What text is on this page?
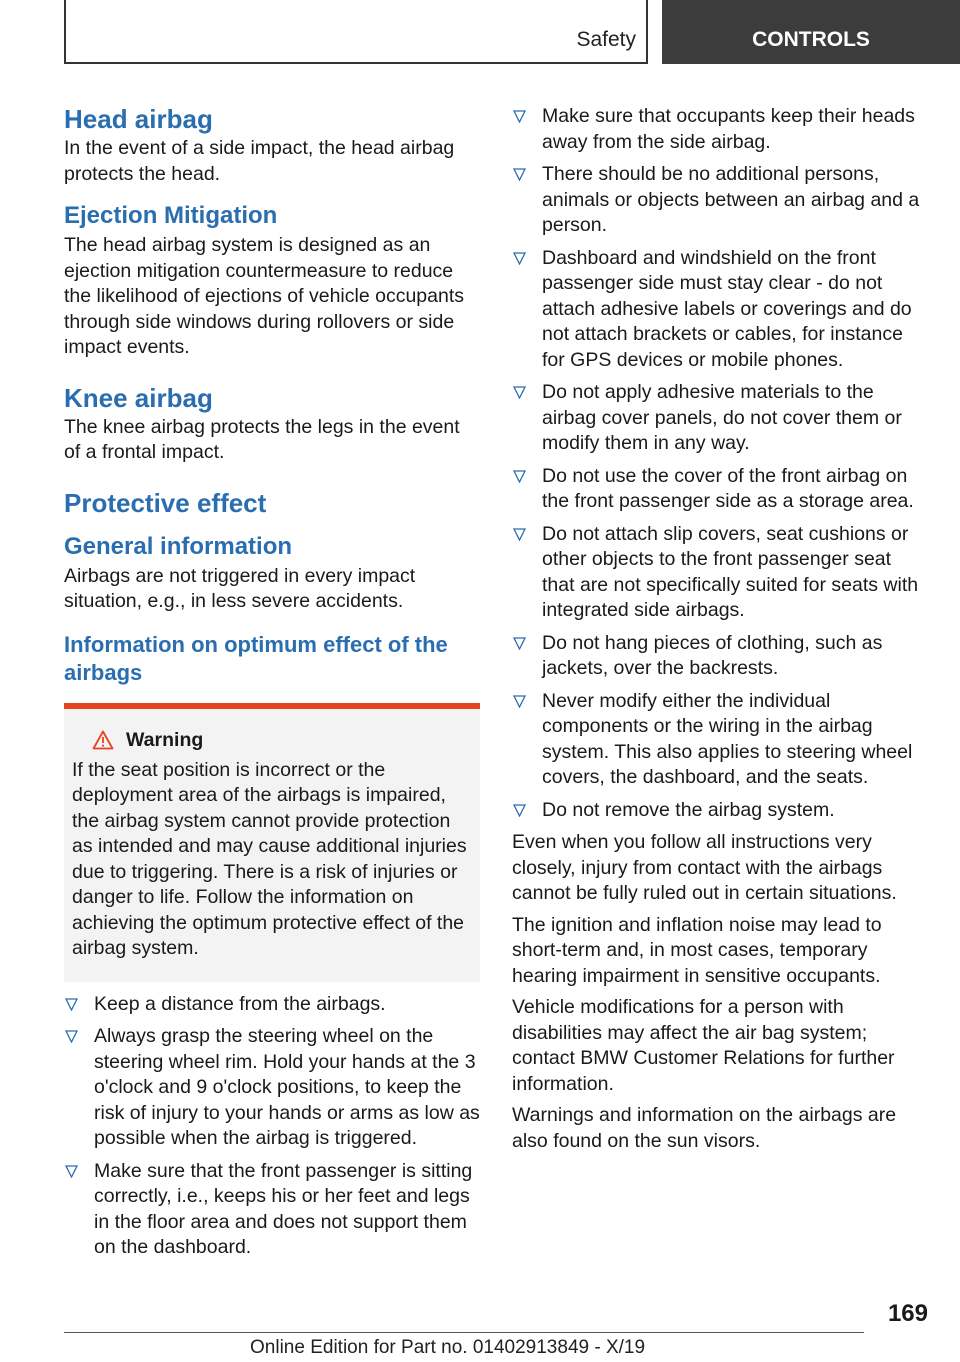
Safety	CONTROLS
Head airbag

In the event of a side impact, the head airbag protects the head.

Ejection Mitigation

The head airbag system is designed as an ejection mitigation countermeasure to reduce the likelihood of ejections of vehicle occupants through side windows during rollovers or side impact events.

Knee airbag

The knee airbag protects the legs in the event of a frontal impact.

Protective effect
General information

Airbags are not triggered in every impact situation, e.g., in less severe accidents.

Information on optimum effect of the airbags
Warning

If the seat position is incorrect or the deployment area of the airbags is impaired, the airbag system cannot provide protection as intended and may cause additional injuries due to triggering. There is a risk of injuries or danger to life. Follow the information on achieving the optimum protective effect of the airbag system.

Keep a distance from the airbags.
Always grasp the steering wheel on the steering wheel rim. Hold your hands at the 3 o'clock and 9 o'clock positions, to keep the risk of injury to your hands or arms as low as possible when the airbag is triggered.
Make sure that the front passenger is sitting correctly, i.e., keeps his or her feet and legs in the floor area and does not support them on the dashboard.
Make sure that occupants keep their heads away from the side airbag.
There should be no additional persons, animals or objects between an airbag and a person.
Dashboard and windshield on the front passenger side must stay clear - do not attach adhesive labels or coverings and do not attach brackets or cables, for instance for GPS devices or mobile phones.
Do not apply adhesive materials to the airbag cover panels, do not cover them or modify them in any way.
Do not use the cover of the front airbag on the front passenger side as a storage area.
Do not attach slip covers, seat cushions or other objects to the front passenger seat that are not specifically suited for seats with integrated side airbags.
Do not hang pieces of clothing, such as jackets, over the backrests.
Never modify either the individual components or the wiring in the airbag system. This also applies to steering wheel covers, the dashboard, and the seats.
Do not remove the airbag system.

Even when you follow all instructions very closely, injury from contact with the airbags cannot be fully ruled out in certain situations.

The ignition and inflation noise may lead to short-term and, in most cases, temporary hearing impairment in sensitive occupants.

Vehicle modifications for a person with disabilities may affect the air bag system; contact BMW Customer Relations for further information.

Warnings and information on the airbags are also found on the sun visors.

169
Online Edition for Part no. 01402913849 - X/19
